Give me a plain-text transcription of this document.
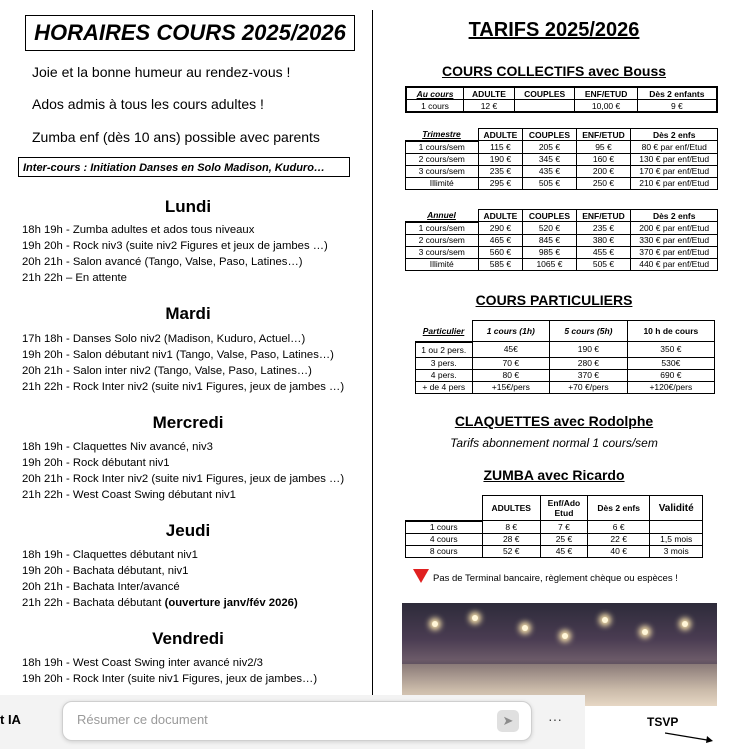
HORAIRES COURS 2025/2026
Joie et la bonne humeur au rendez-vous !
Ados admis à tous les cours adultes !
Zumba enf (dès 10 ans) possible avec parents
Inter-cours : Initiation Danses en Solo Madison, Kuduro…
Lundi
18h 19h - Zumba adultes et ados tous niveaux
19h 20h - Rock niv3 (suite niv2 Figures et jeux de jambes …)
20h 21h - Salon avancé (Tango, Valse, Paso, Latines…)
21h 22h – En attente
Mardi
17h 18h - Danses Solo niv2 (Madison, Kuduro, Actuel…)
19h 20h - Salon débutant niv1 (Tango, Valse, Paso, Latines…)
20h 21h - Salon inter niv2 (Tango, Valse, Paso, Latines…)
21h 22h - Rock Inter niv2 (suite niv1 Figures, jeux de jambes …)
Mercredi
18h 19h - Claquettes Niv avancé, niv3
19h 20h - Rock débutant niv1
20h 21h - Rock Inter niv2 (suite niv1 Figures, jeux de jambes …)
21h 22h - West Coast Swing débutant niv1
Jeudi
18h 19h - Claquettes débutant niv1
19h 20h - Bachata débutant, niv1
20h 21h - Bachata Inter/avancé
21h 22h - Bachata débutant (ouverture janv/fév 2026)
Vendredi
18h 19h - West Coast Swing inter avancé niv2/3
19h 20h - Rock Inter (suite niv1 Figures, jeux de jambes…)
TARIFS 2025/2026
COURS COLLECTIFS avec Bouss
Au cours	ADULTE	COUPLES	ENF/ETUD	Dès 2 enfants
1 cours	12 €		10,00 €	9 €
Trimestre	ADULTE	COUPLES	ENF/ETUD	Dès 2 enfs
1 cours/sem	115 €	205 €	95 €	80 € par enf/Etud
2 cours/sem	190 €	345 €	160 €	130 € par enf/Etud
3 cours/sem	235 €	435 €	200 €	170 € par enf/Etud
Illimité	295 €	505 €	250 €	210 € par enf/Etud
Annuel	ADULTE	COUPLES	ENF/ETUD	Dès 2 enfs
1 cours/sem	290 €	520 €	235 €	200 € par enf/Etud
2 cours/sem	465 €	845 €	380 €	330 € par enf/Etud
3 cours/sem	560 €	985 €	455 €	370 € par enf/Etud
Illimité	585 €	1065 €	505 €	440 € par enf/Etud
COURS PARTICULIERS
Particulier	1 cours (1h)	5 cours (5h)	10 h de cours
1 ou 2 pers.	45€	190 €	350 €
3 pers.	70 €	280 €	530€
4 pers.	80 €	370 €	690 €
+ de 4 pers	+15€/pers	+70 €/pers	+120€/pers
CLAQUETTES avec Rodolphe
Tarifs abonnement normal 1 cours/sem
ZUMBA avec Ricardo
	ADULTES	Enf/Ado Etud	Dès 2 enfs	Validité
1 cours	8 €	7 €	6 €	
4 cours	28 €	25 €	22 €	1,5 mois
8 cours	52 €	45 €	40 €	3 mois
Pas de Terminal bancaire, règlement chèque ou espèces !
TSVP
t IA	Résumer ce document	➤	···
